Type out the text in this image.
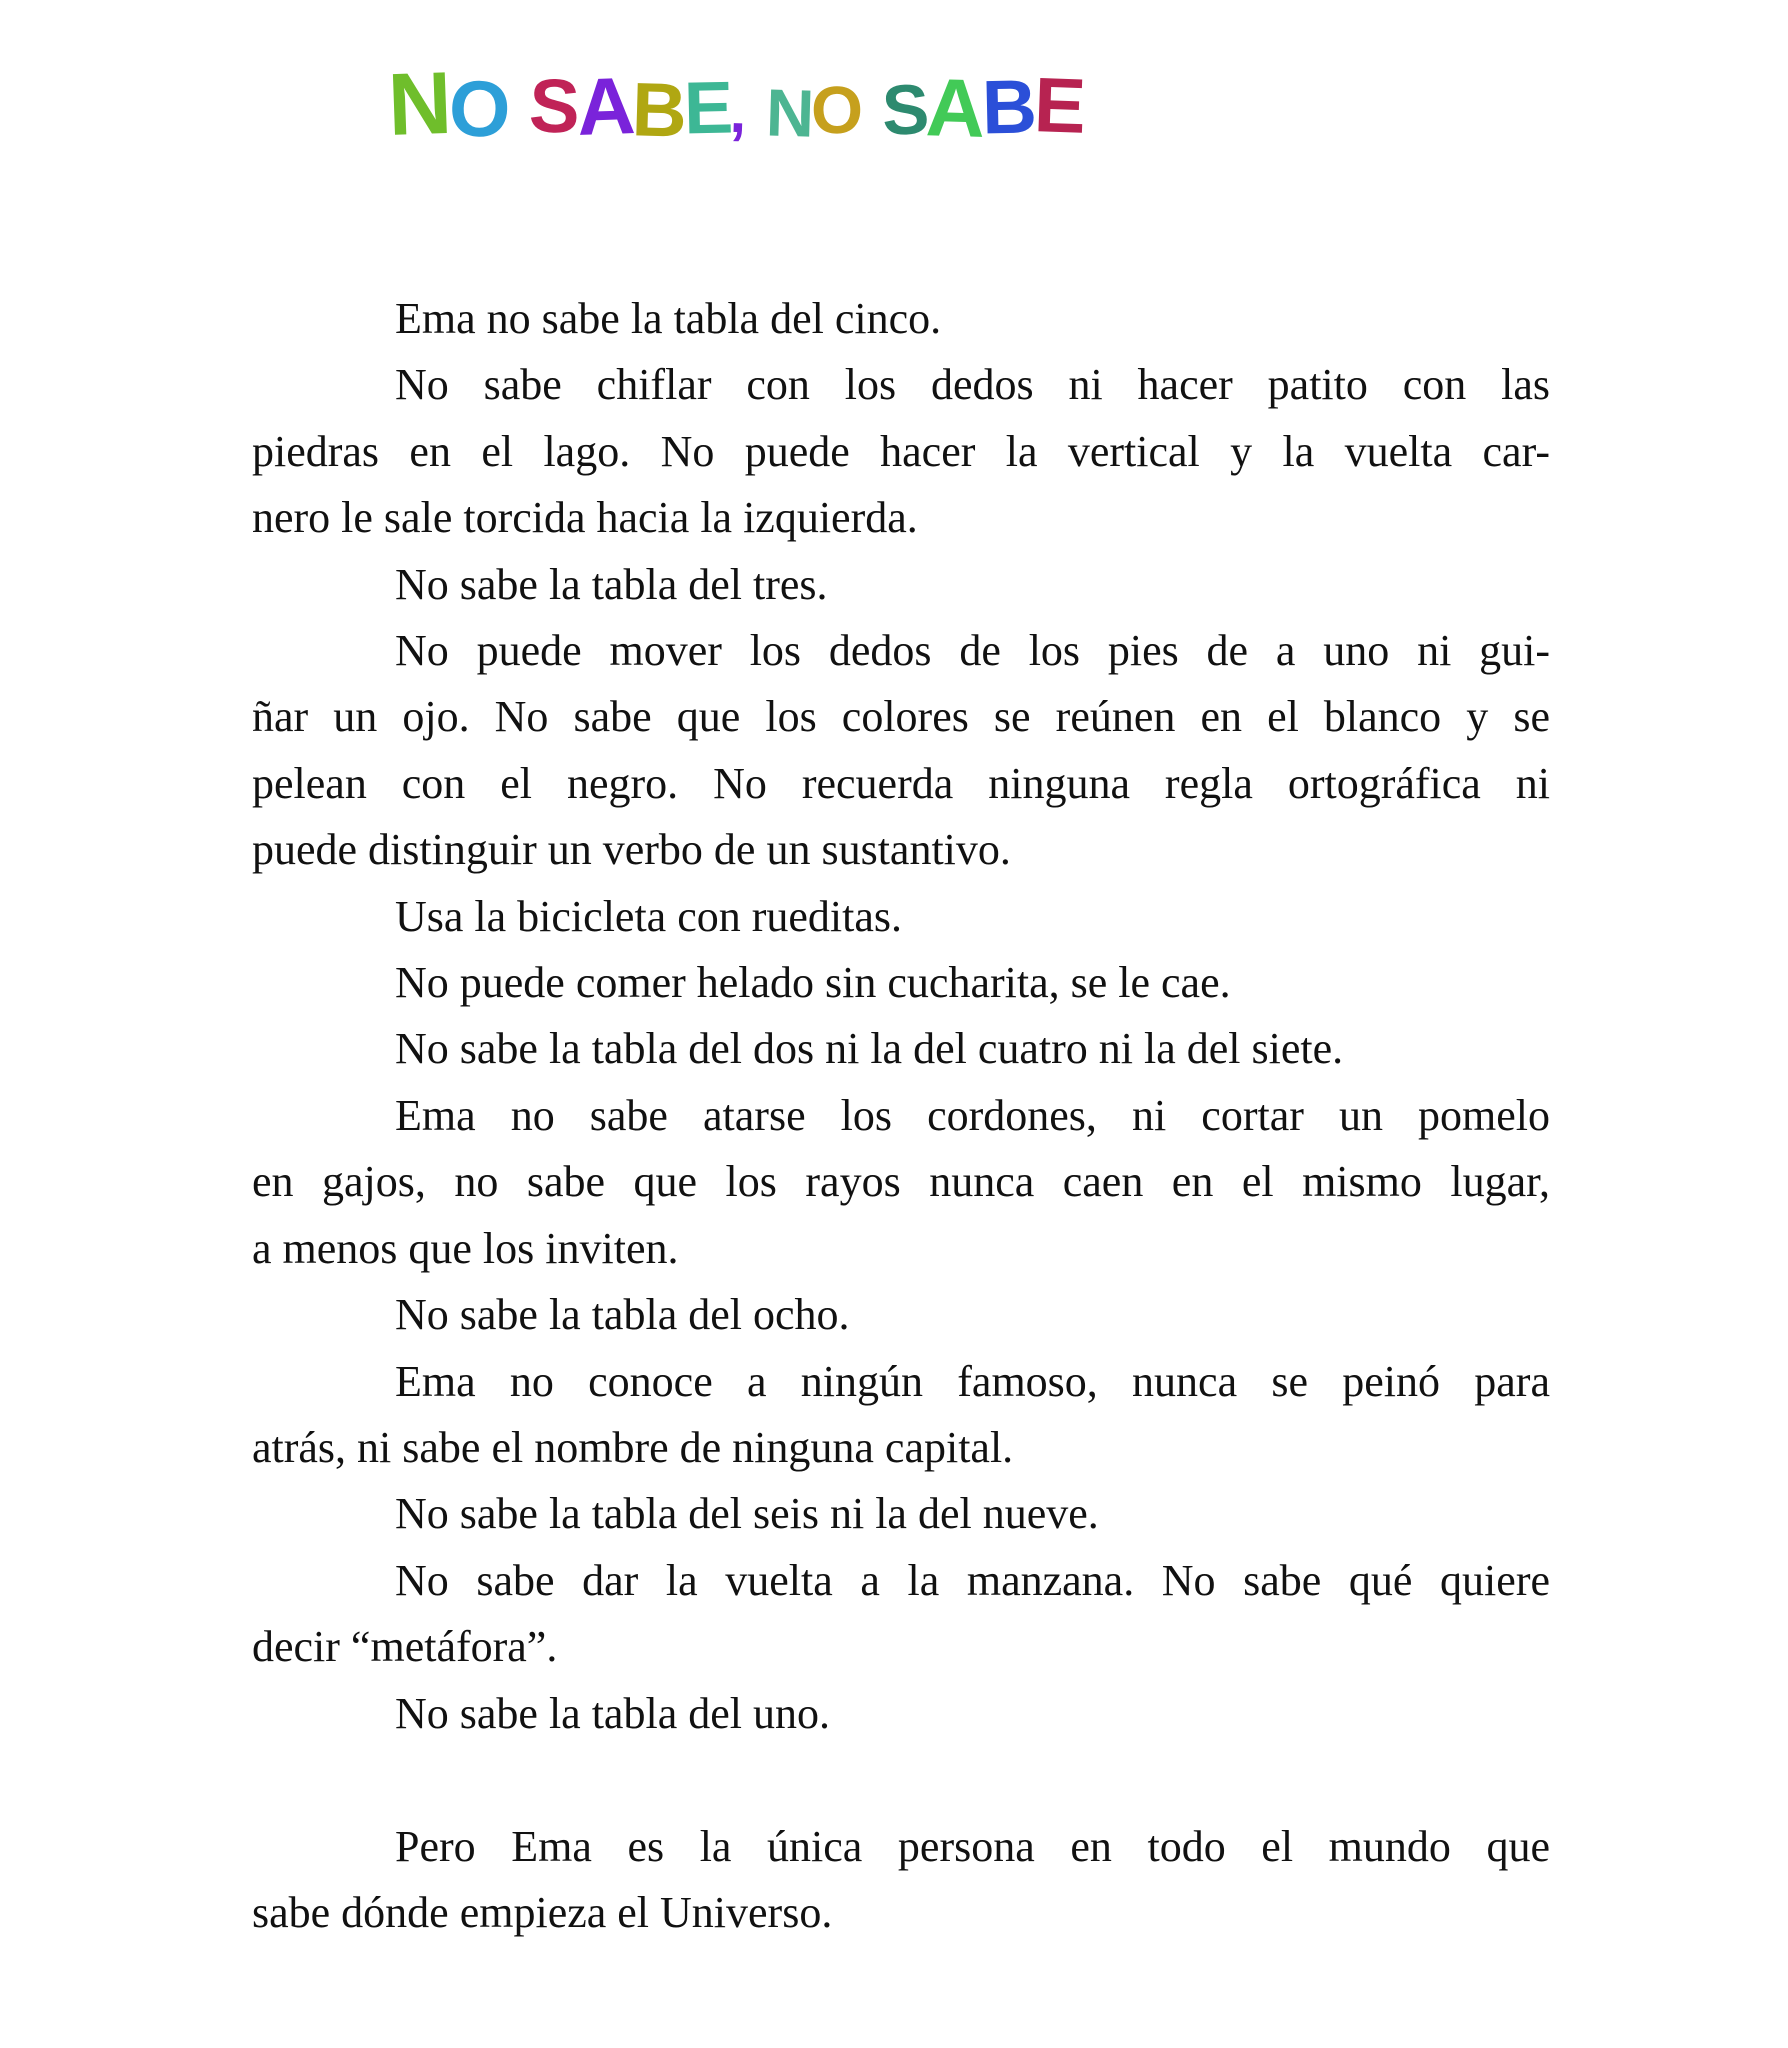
NO SABE, NO SABE
Ema no sabe la tabla del cinco.
No sabe chiflar con los dedos ni hacer patito con las
piedras en el lago. No puede hacer la vertical y la vuelta car-
nero le sale torcida hacia la izquierda.
No sabe la tabla del tres.
No puede mover los dedos de los pies de a uno ni gui-
ñar un ojo. No sabe que los colores se reúnen en el blanco y se
pelean con el negro. No recuerda ninguna regla ortográfica ni
puede distinguir un verbo de un sustantivo.
Usa la bicicleta con rueditas.
No puede comer helado sin cucharita, se le cae.
No sabe la tabla del dos ni la del cuatro ni la del siete.
Ema no sabe atarse los cordones, ni cortar un pomelo
en gajos, no sabe que los rayos nunca caen en el mismo lugar,
a menos que los inviten.
No sabe la tabla del ocho.
Ema no conoce a ningún famoso, nunca se peinó para
atrás, ni sabe el nombre de ninguna capital.
No sabe la tabla del seis ni la del nueve.
No sabe dar la vuelta a la manzana. No sabe qué quiere
decir “metáfora”.
No sabe la tabla del uno.
Pero Ema es la única persona en todo el mundo que
sabe dónde empieza el Universo.
